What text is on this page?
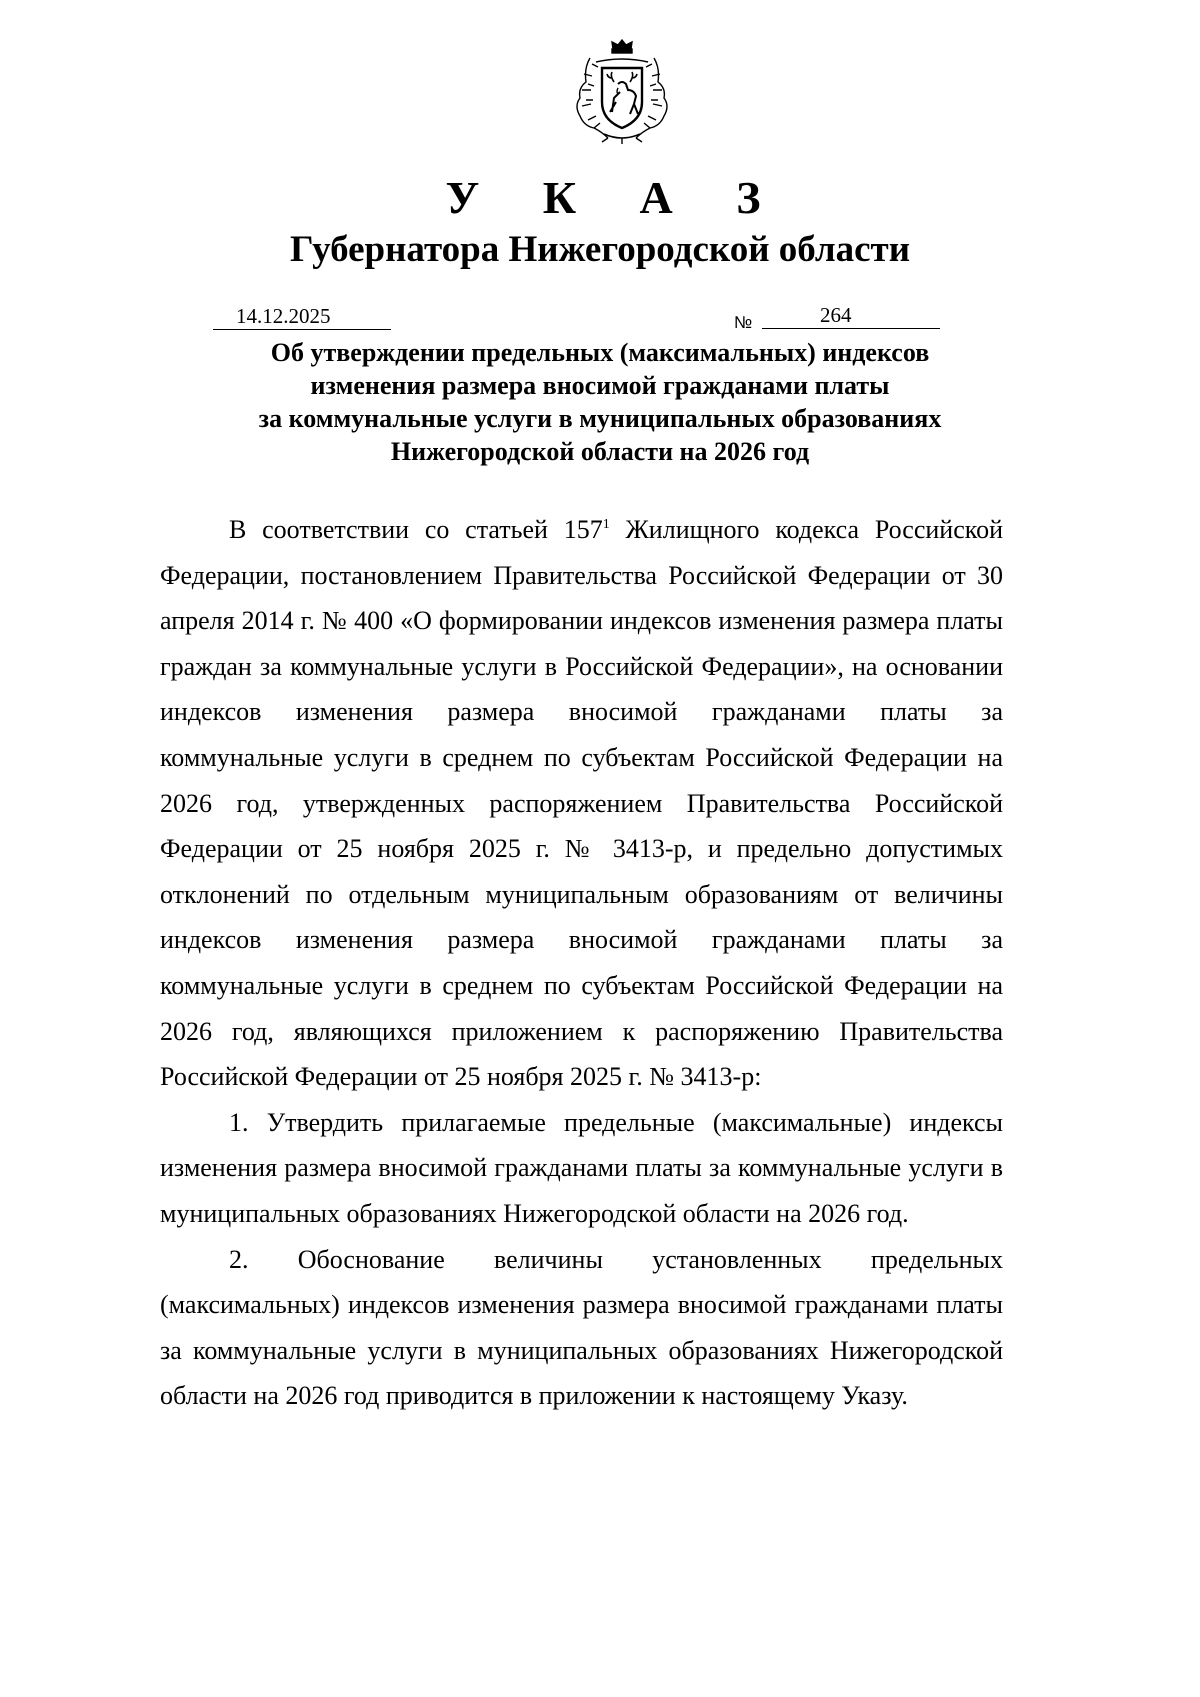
У К А З
Губернатора Нижегородской области
14.12.2025	№	264
Об утверждении предельных (максимальных) индексов
изменения размера вносимой гражданами платы
за коммунальные услуги в муниципальных образованиях
Нижегородской области на 2026 год

В соответствии со статьей $157^1$ Жилищного кодекса Российской Федерации, постановлением Правительства Российской Федерации от 30 апреля 2014 г. № 400 «О формировании индексов изменения размера платы граждан за коммунальные услуги в Российской Федерации», на основании индексов изменения размера вносимой гражданами платы за коммунальные услуги в среднем по субъектам Российской Федерации на 2026 год, утвержденных распоряжением Правительства Российской Федерации от 25 ноября 2025 г. № 3413-р, и предельно допустимых отклонений по отдельным муниципальным образованиям от величины индексов изменения размера вносимой гражданами платы за коммунальные услуги в среднем по субъектам Российской Федерации на 2026 год, являющихся приложением к распоряжению Правительства Российской Федерации от 25 ноября 2025 г. № 3413-р:

1. Утвердить прилагаемые предельные (максимальные) индексы изменения размера вносимой гражданами платы за коммунальные услуги в муниципальных образованиях Нижегородской области на 2026 год.

2. Обоснование величины установленных предельных (максимальных) индексов изменения размера вносимой гражданами платы за коммунальные услуги в муниципальных образованиях Нижегородской области на 2026 год приводится в приложении к настоящему Указу.
